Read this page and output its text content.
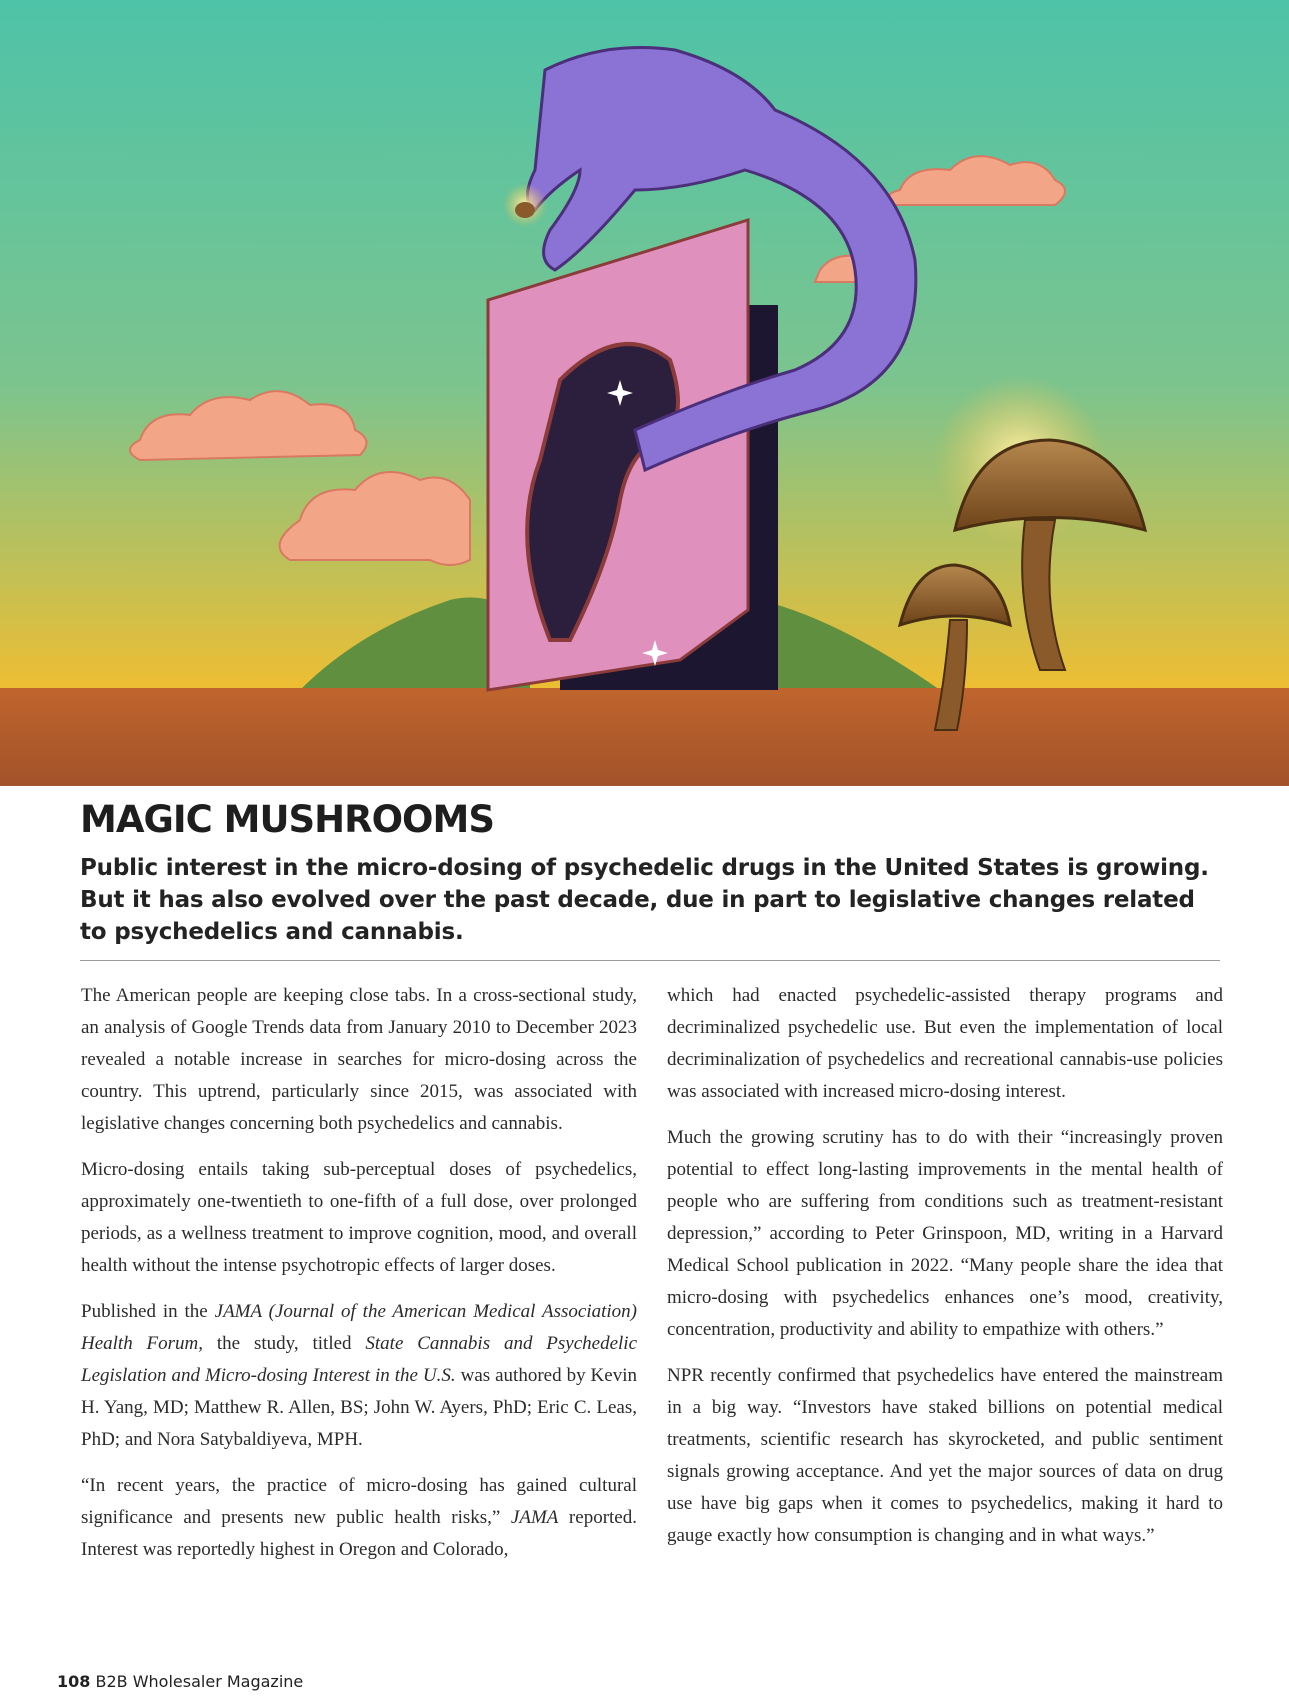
MAGIC MUSHROOMS

Public interest in the micro-dosing of psychedelic drugs in the United States is growing. But it has also evolved over the past decade, due in part to legislative changes related to psychedelics and cannabis.

The American people are keeping close tabs. In a cross-sectional study, an analysis of Google Trends data from January 2010 to December 2023 revealed a notable increase in searches for micro-dosing across the country. This uptrend, particularly since 2015, was associated with legislative changes concerning both psychedelics and cannabis.

Micro-dosing entails taking sub-perceptual doses of psychedelics, approximately one-twentieth to one-fifth of a full dose, over prolonged periods, as a wellness treatment to improve cognition, mood, and overall health without the intense psychotropic effects of larger doses.

Published in the JAMA (Journal of the American Medical Association) Health Forum, the study, titled State Cannabis and Psychedelic Legislation and Micro-dosing Interest in the U.S. was authored by Kevin H. Yang, MD; Matthew R. Allen, BS; John W. Ayers, PhD; Eric C. Leas, PhD; and Nora Satybaldiyeva, MPH.

“In recent years, the practice of micro-dosing has gained cultural significance and presents new public health risks,” JAMA reported. Interest was reportedly highest in Oregon and Colorado,

which had enacted psychedelic-assisted therapy programs and decriminalized psychedelic use. But even the implementation of local decriminalization of psychedelics and recreational cannabis-use policies was associated with increased micro-dosing interest.

Much the growing scrutiny has to do with their “increasingly proven potential to effect long-lasting improvements in the mental health of people who are suffering from conditions such as treatment-resistant depression,” according to Peter Grinspoon, MD, writing in a Harvard Medical School publication in 2022. “Many people share the idea that micro-dosing with psychedelics enhances one’s mood, creativity, concentration, productivity and ability to empathize with others.”

NPR recently confirmed that psychedelics have entered the mainstream in a big way. “Investors have staked billions on potential medical treatments, scientific research has skyrocketed, and public sentiment signals growing acceptance. And yet the major sources of data on drug use have big gaps when it comes to psychedelics, making it hard to gauge exactly how consumption is changing and in what ways.”

108 B2B Wholesaler Magazine
